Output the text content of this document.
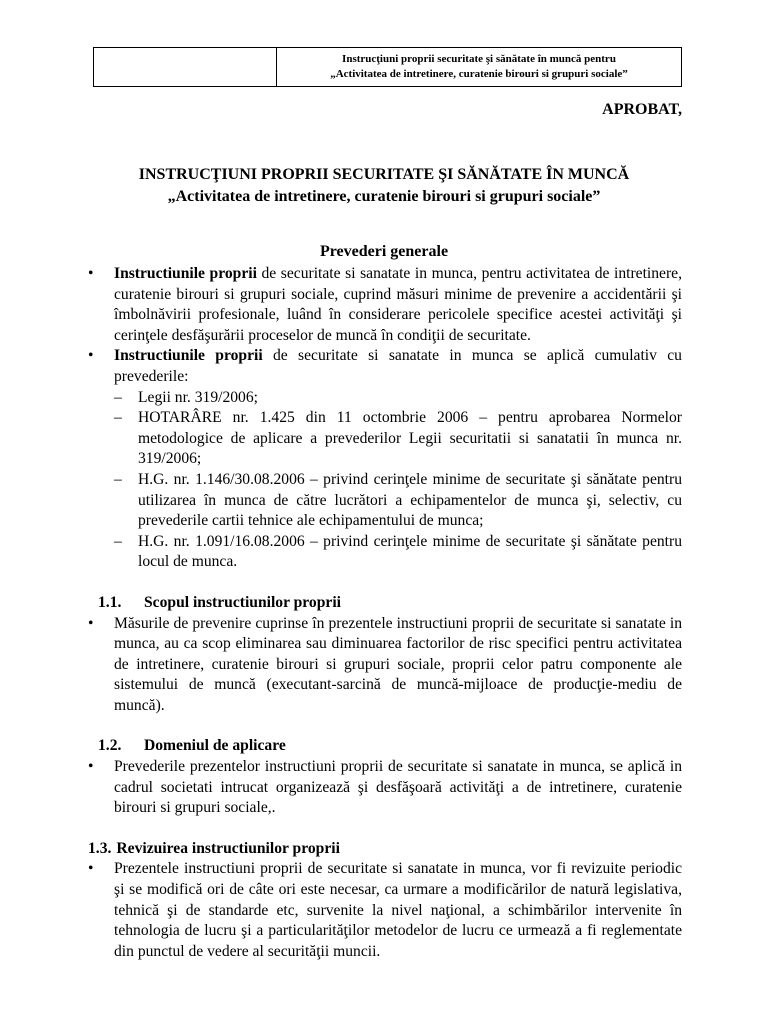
Instrucţiuni proprii securitate şi sănătate în muncă pentru
„Activitatea de intretinere, curatenie birouri si grupuri sociale”
APROBAT,
INSTRUCŢIUNI PROPRII SECURITATE ŞI SĂNĂTATE ÎN MUNCĂ
„Activitatea de intretinere, curatenie birouri si grupuri sociale”
Prevederi generale
•	Instructiunile proprii de securitate si sanatate in munca, pentru activitatea de intretinere, curatenie birouri si grupuri sociale, cuprind măsuri minime de prevenire a accidentării şi îmbolnăvirii profesionale, luând în considerare pericolele specifice acestei activităţi şi cerinţele desfăşurării proceselor de muncă în condiţii de securitate.
•	Instructiunile proprii de securitate si sanatate in munca se aplică cumulativ cu prevederile:
–	Legii nr. 319/2006;
–	HOTARÂRE nr. 1.425 din 11 octombrie 2006 – pentru aprobarea Normelor metodologice de aplicare a prevederilor Legii securitatii si sanatatii în munca nr. 319/2006;
–	H.G. nr. 1.146/30.08.2006 – privind cerinţele minime de securitate şi sănătate pentru utilizarea în munca de către lucrători a echipamentelor de munca şi, selectiv, cu prevederile cartii tehnice ale echipamentului de munca;
–	H.G. nr. 1.091/16.08.2006 – privind cerinţele minime de securitate şi sănătate pentru locul de munca.
1.1.	Scopul instructiunilor proprii
•	Măsurile de prevenire cuprinse în prezentele instructiuni proprii de securitate si sanatate in munca, au ca scop eliminarea sau diminuarea factorilor de risc specifici pentru activitatea de intretinere, curatenie birouri si grupuri sociale, proprii celor patru componente ale sistemului de muncă (executant-sarcină de muncă-mijloace de producţie-mediu de muncă).
1.2.	Domeniul de aplicare
•	Prevederile prezentelor instructiuni proprii de securitate si sanatate in munca, se aplică in cadrul societati intrucat organizează şi desfăşoară activităţi a de intretinere, curatenie birouri si grupuri sociale,.
1.3. Revizuirea instructiunilor proprii
•	Prezentele instructiuni proprii de securitate si sanatate in munca, vor fi revizuite periodic şi se modifică ori de câte ori este necesar, ca urmare a modificărilor de natură legislativa, tehnică şi de standarde etc, survenite la nivel naţional, a schimbărilor intervenite în tehnologia de lucru şi a particularităţilor metodelor de lucru ce urmează a fi reglementate din punctul de vedere al securităţii muncii.
